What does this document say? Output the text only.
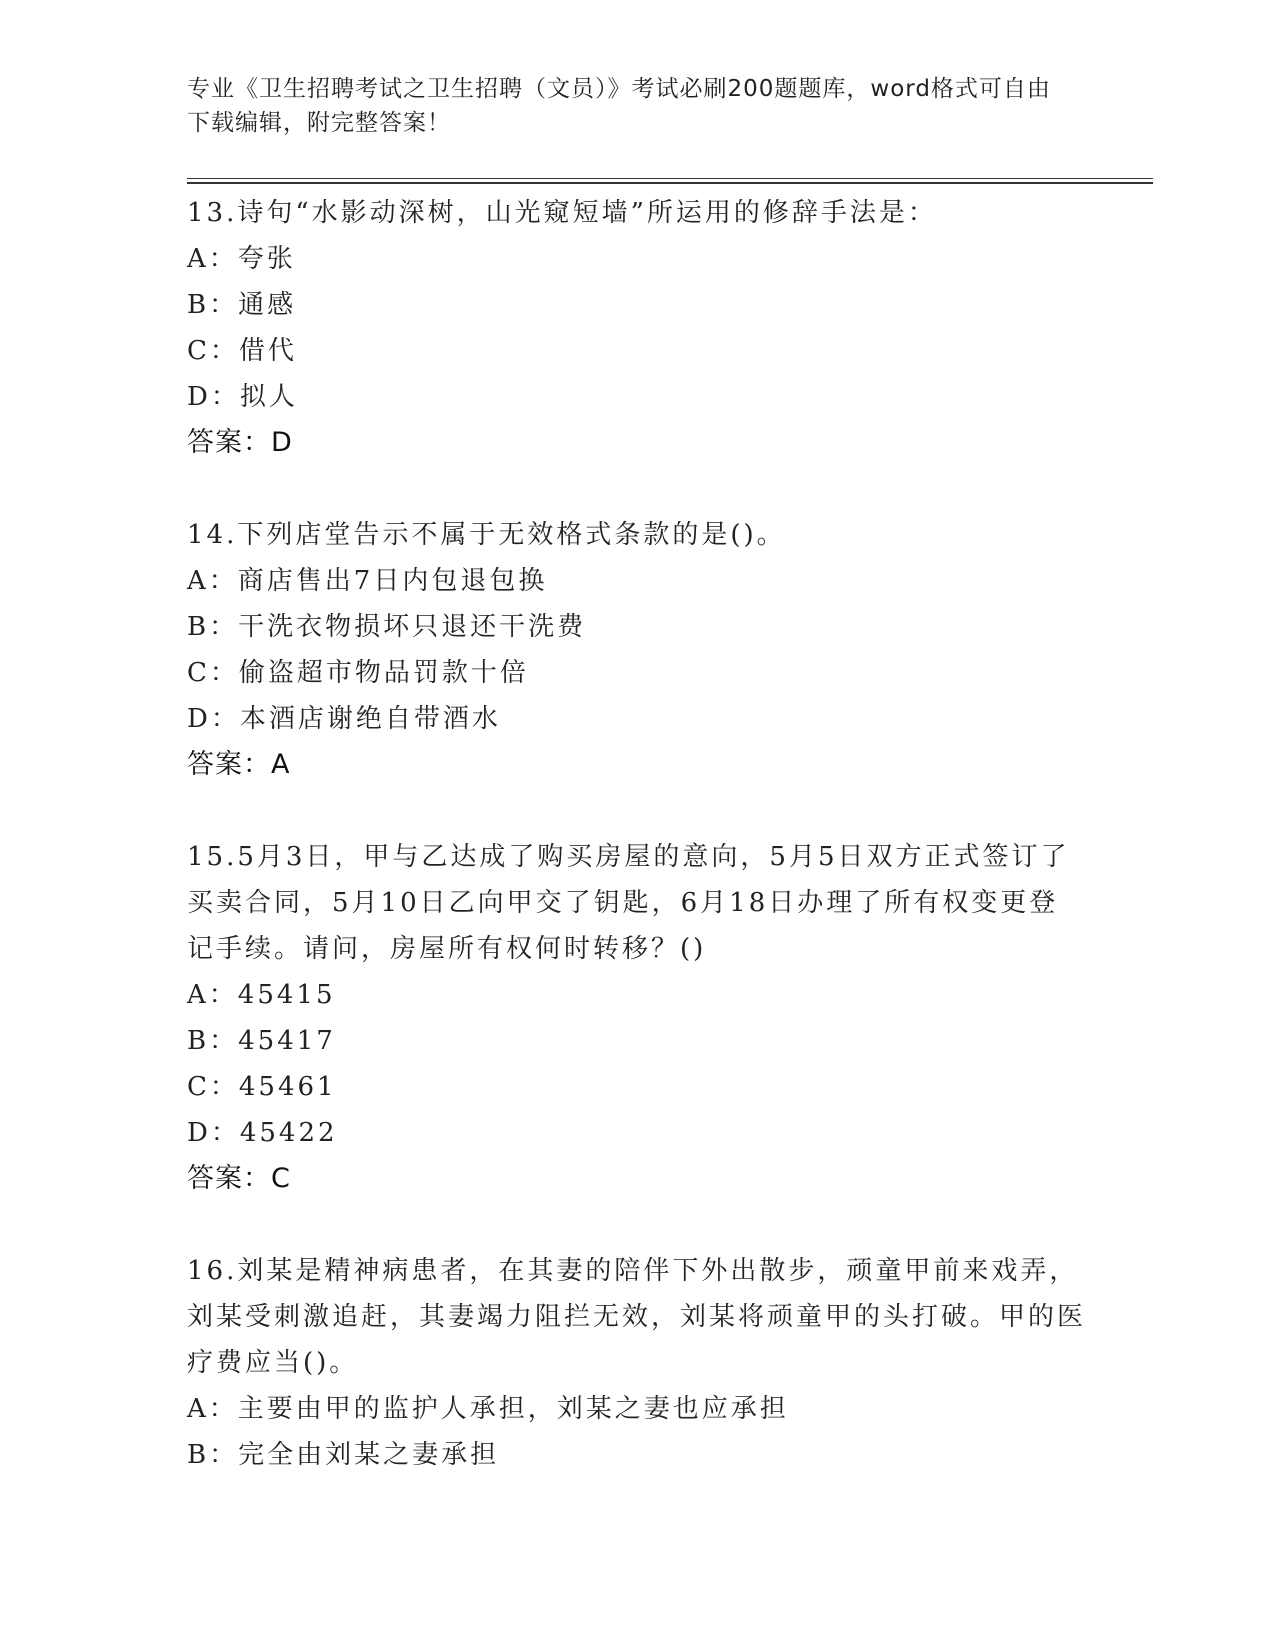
专业《卫生招聘考试之卫生招聘（文员）》考试必刷200题题库，word格式可自由下载编辑，附完整答案！
13.诗句“水影动深树，山光窥短墙”所运用的修辞手法是：
A：夸张
B：通感
C：借代
D：拟人
答案：D
14.下列店堂告示不属于无效格式条款的是()。
A：商店售出7日内包退包换
B：干洗衣物损坏只退还干洗费
C：偷盗超市物品罚款十倍
D：本酒店谢绝自带酒水
答案：A
15.5月3日，甲与乙达成了购买房屋的意向，5月5日双方正式签订了买卖合同，5月10日乙向甲交了钥匙，6月18日办理了所有权变更登记手续。请问，房屋所有权何时转移？()
A：45415
B：45417
C：45461
D：45422
答案：C
16.刘某是精神病患者，在其妻的陪伴下外出散步，顽童甲前来戏弄，刘某受刺激追赶，其妻竭力阻拦无效，刘某将顽童甲的头打破。甲的医疗费应当()。
A：主要由甲的监护人承担，刘某之妻也应承担
B：完全由刘某之妻承担
